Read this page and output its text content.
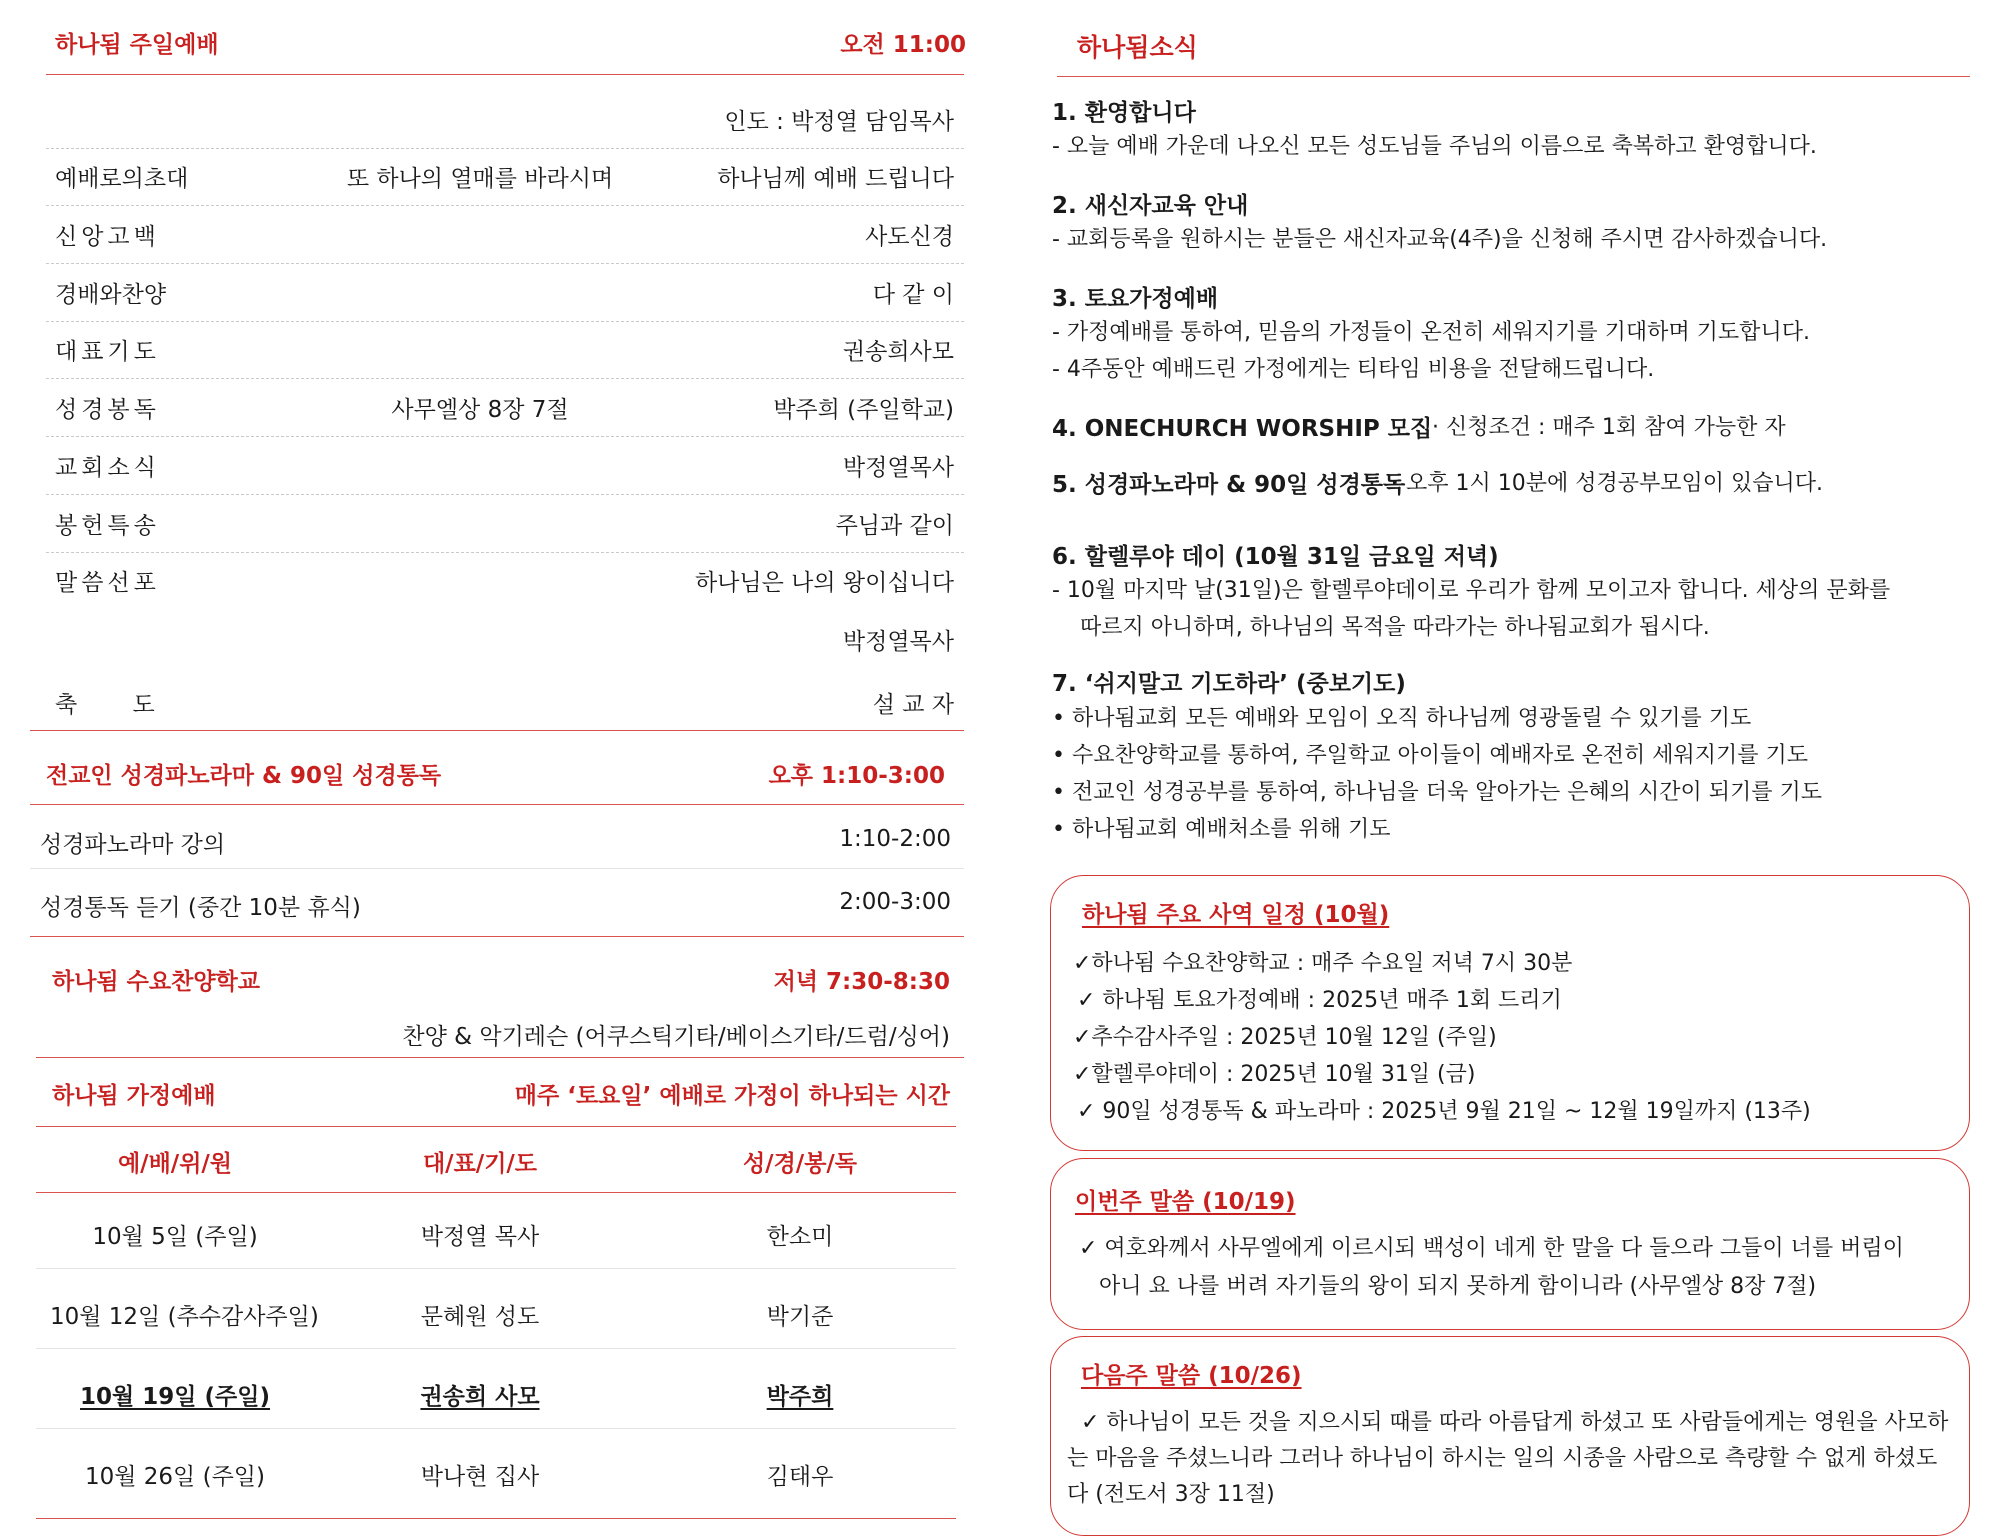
하나됨 주일예배	오전 11:00
인도 : 박정열 담임목사
예배로의초대	또 하나의 열매를 바라시며	하나님께 예배 드립니다
신앙고백	사도신경
경배와찬양	다 같 이
대표기도	권송희사모
성경봉독	사무엘상 8장 7절	박주희 (주일학교)
교회소식	박정열목사
봉헌특송	주님과 같이
말씀선포	하나님은 나의 왕이십니다
박정열목사
축 도	설 교 자
전교인 성경파노라마 & 90일 성경통독	오후 1:10-3:00
성경파노라마 강의	1:10-2:00
성경통독 듣기 (중간 10분 휴식)	2:00-3:00
하나됨 수요찬양학교	저녁 7:30-8:30
찬양 & 악기레슨 (어쿠스틱기타/베이스기타/드럼/싱어)
하나됨 가정예배	매주 ‘토요일’ 예배로 가정이 하나되는 시간
예/배/위/원	대/표/기/도	성/경/봉/독
10월 5일 (주일)	박정열 목사	한소미
10월 12일 (추수감사주일)	문혜원 성도	박기준
10월 19일 (주일)	권송희 사모	박주희
10월 26일 (주일)	박나현 집사	김태우
하나됨소식
1. 환영합니다
- 오늘 예배 가운데 나오신 모든 성도님들 주님의 이름으로 축복하고 환영합니다.
2. 새신자교육 안내
- 교회등록을 원하시는 분들은 새신자교육(4주)을 신청해 주시면 감사하겠습니다.
3. 토요가정예배
- 가정예배를 통하여, 믿음의 가정들이 온전히 세워지기를 기대하며 기도합니다.
- 4주동안 예배드린 가정에게는 티타임 비용을 전달해드립니다.
4. ONECHURCH WORSHIP 모집 · 신청조건 : 매주 1회 참여 가능한 자
5. 성경파노라마 & 90일 성경통독
· 오후 1시 10분에 성경공부모임이 있습니다.
6. 할렐루야 데이 (10월 31일 금요일 저녁)
- 10월 마지막 날(31일)은 할렐루야데이로 우리가 함께 모이고자 합니다. 세상의 문화를
따르지 아니하며, 하나님의 목적을 따라가는 하나됨교회가 됩시다.
7. ‘쉬지말고 기도하라’ (중보기도)
• 하나됨교회 모든 예배와 모임이 오직 하나님께 영광돌릴 수 있기를 기도
• 수요찬양학교를 통하여, 주일학교 아이들이 예배자로 온전히 세워지기를 기도
• 전교인 성경공부를 통하여, 하나님을 더욱 알아가는 은혜의 시간이 되기를 기도
• 하나됨교회 예배처소를 위해 기도
하나됨 주요 사역 일정 (10월)
✓하나됨 수요찬양학교 : 매주 수요일 저녁 7시 30분
✓ 하나됨 토요가정예배 : 2025년 매주 1회 드리기
✓추수감사주일 : 2025년 10월 12일 (주일)
✓할렐루야데이 : 2025년 10월 31일 (금)
✓ 90일 성경통독 & 파노라마 : 2025년 9월 21일 ~ 12월 19일까지 (13주)
이번주 말씀 (10/19)
✓ 여호와께서 사무엘에게 이르시되 백성이 네게 한 말을 다 들으라 그들이 너를 버림이
아니 요 나를 버려 자기들의 왕이 되지 못하게 함이니라 (사무엘상 8장 7절)
다음주 말씀 (10/26)
✓ 하나님이 모든 것을 지으시되 때를 따라 아름답게 하셨고 또 사람들에게는 영원을 사모하
는 마음을 주셨느니라 그러나 하나님이 하시는 일의 시종을 사람으로 측량할 수 없게 하셨도
다 (전도서 3장 11절)
